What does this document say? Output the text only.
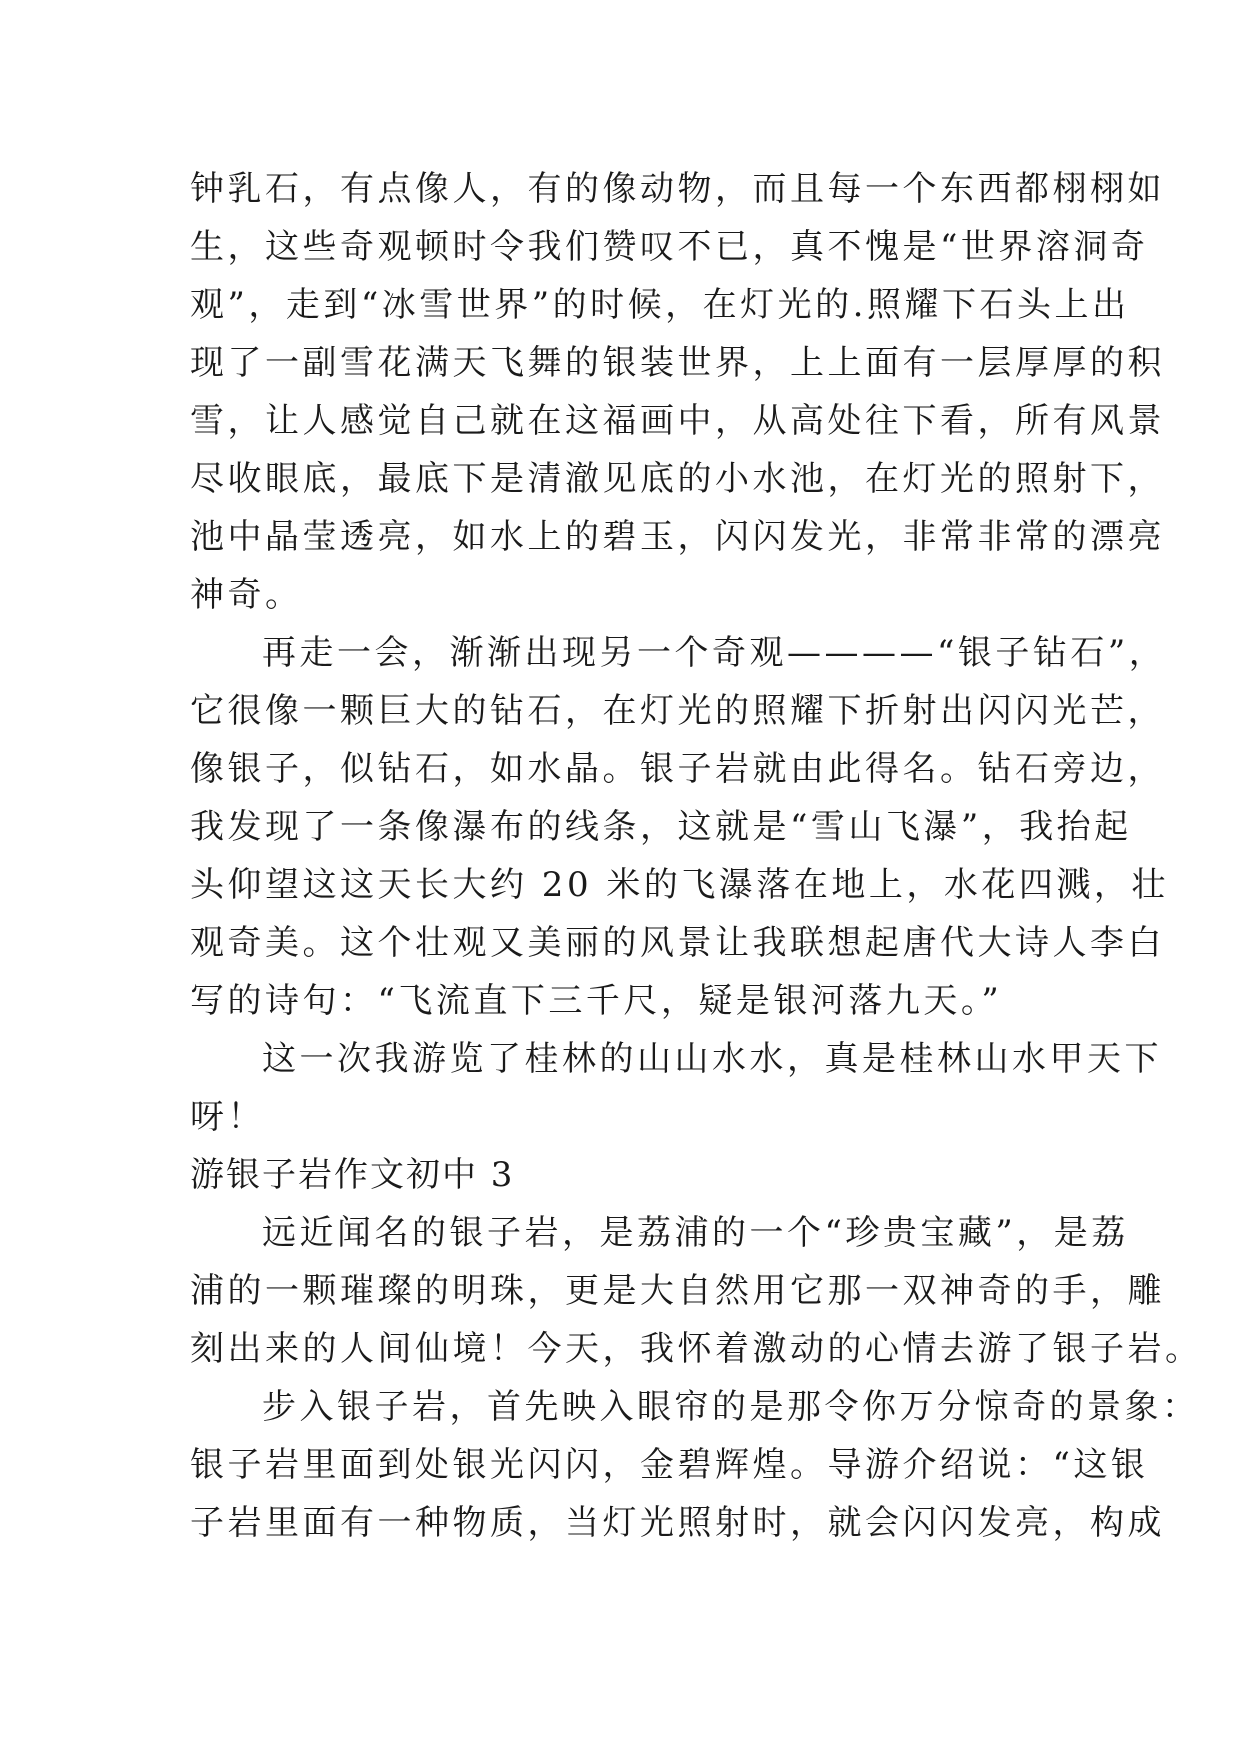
钟乳石，有点像人，有的像动物，而且每一个东西都栩栩如
生，这些奇观顿时令我们赞叹不已，真不愧是“世界溶洞奇
观”，走到“冰雪世界”的时候，在灯光的.照耀下石头上出
现了一副雪花满天飞舞的银装世界，上上面有一层厚厚的积
雪，让人感觉自己就在这福画中，从高处往下看，所有风景
尽收眼底，最底下是清澈见底的小水池，在灯光的照射下，
池中晶莹透亮，如水上的碧玉，闪闪发光，非常非常的漂亮
神奇。
再走一会，渐渐出现另一个奇观————“银子钻石”，
它很像一颗巨大的钻石，在灯光的照耀下折射出闪闪光芒，
像银子，似钻石，如水晶。银子岩就由此得名。钻石旁边，
我发现了一条像瀑布的线条，这就是“雪山飞瀑”，我抬起
头仰望这这天长大约 20 米的飞瀑落在地上，水花四溅，壮
观奇美。这个壮观又美丽的风景让我联想起唐代大诗人李白
写的诗句：“飞流直下三千尺，疑是银河落九天。”
这一次我游览了桂林的山山水水，真是桂林山水甲天下
呀！
游银子岩作文初中 3
远近闻名的银子岩，是荔浦的一个“珍贵宝藏”，是荔
浦的一颗璀璨的明珠，更是大自然用它那一双神奇的手，雕
刻出来的人间仙境！今天，我怀着激动的心情去游了银子岩。
步入银子岩，首先映入眼帘的是那令你万分惊奇的景象：
银子岩里面到处银光闪闪，金碧辉煌。导游介绍说：“这银
子岩里面有一种物质，当灯光照射时，就会闪闪发亮，构成
